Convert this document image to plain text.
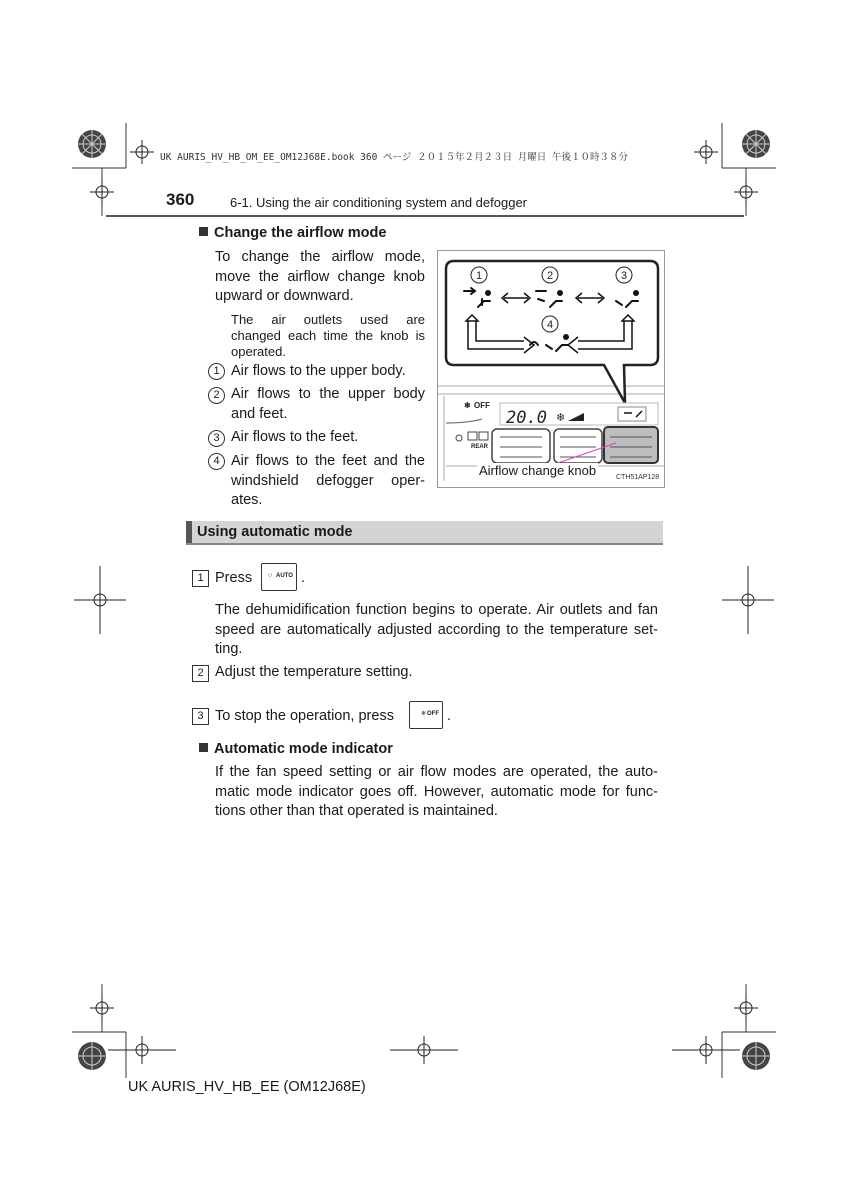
UK AURIS_HV_HB_OM_EE_OM12J68E.book 360 ページ ２０１５年２月２３日 月曜日 午後１０時３８分
360	6-1. Using the air conditioning system and defogger
Change the airflow mode
To change the airflow mode,
move the airflow change knob
upward or downward.
The air outlets used are
changed each time the knob is
operated.
1 Air flows to the upper body.
2 Air flows to the upper body
and feet.
3 Air flows to the feet.
4 Air flows to the feet and the
windshield defogger oper-
ates.
1	2	3
4
❄ OFF
20.0 ❄
REAR
Airflow change knob	CTH51AP128
Using automatic mode
1 Press ○ AUTO .
The dehumidification function begins to operate. Air outlets and fan
speed are automatically adjusted according to the temperature set-
ting.
2 Adjust the temperature setting.
3 To stop the operation, press	❄ OFF .
Automatic mode indicator
If the fan speed setting or air flow modes are operated, the auto-
matic mode indicator goes off. However, automatic mode for func-
tions other than that operated is maintained.
UK AURIS_HV_HB_EE (OM12J68E)
